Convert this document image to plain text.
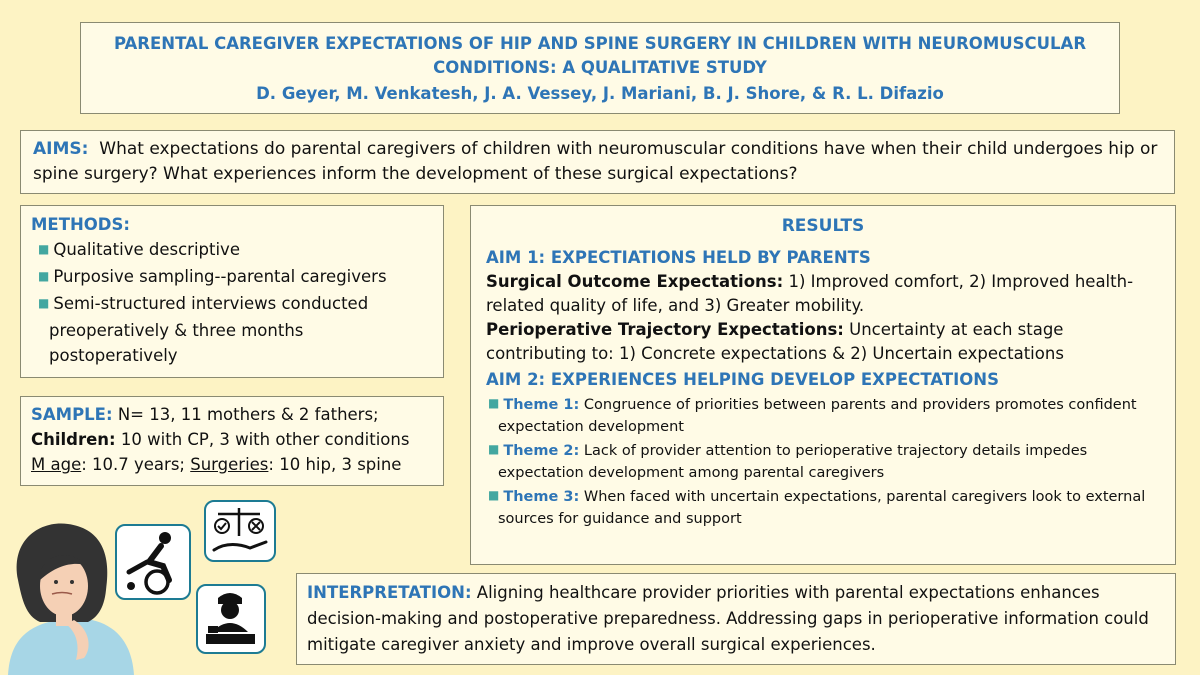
PARENTAL CAREGIVER EXPECTATIONS OF HIP AND SPINE SURGERY IN CHILDREN WITH NEUROMUSCULAR CONDITIONS: A QUALITATIVE STUDY
D. Geyer, M. Venkatesh, J. A. Vessey, J. Mariani, B. J. Shore, & R. L. Difazio
AIMS: What expectations do parental caregivers of children with neuromuscular conditions have when their child undergoes hip or spine surgery? What experiences inform the development of these surgical expectations?
METHODS:
■ Qualitative descriptive
■ Purposive sampling--parental caregivers
■ Semi-structured interviews conducted preoperatively & three months postoperatively
SAMPLE: N= 13, 11 mothers & 2 fathers;
Children: 10 with CP, 3 with other conditions
M age: 10.7 years; Surgeries: 10 hip, 3 spine
RESULTS
AIM 1: EXPECTIATIONS HELD BY PARENTS
Surgical Outcome Expectations: 1) Improved comfort, 2) Improved health-related quality of life, and 3) Greater mobility.
Perioperative Trajectory Expectations: Uncertainty at each stage contributing to: 1) Concrete expectations & 2) Uncertain expectations
AIM 2: EXPERIENCES HELPING DEVELOP EXPECTATIONS
■ Theme 1: Congruence of priorities between parents and providers promotes confident expectation development
■ Theme 2: Lack of provider attention to perioperative trajectory details impedes expectation development among parental caregivers
■ Theme 3: When faced with uncertain expectations, parental caregivers look to external sources for guidance and support
INTERPRETATION: Aligning healthcare provider priorities with parental expectations enhances decision-making and postoperative preparedness. Addressing gaps in perioperative information could mitigate caregiver anxiety and improve overall surgical experiences.
